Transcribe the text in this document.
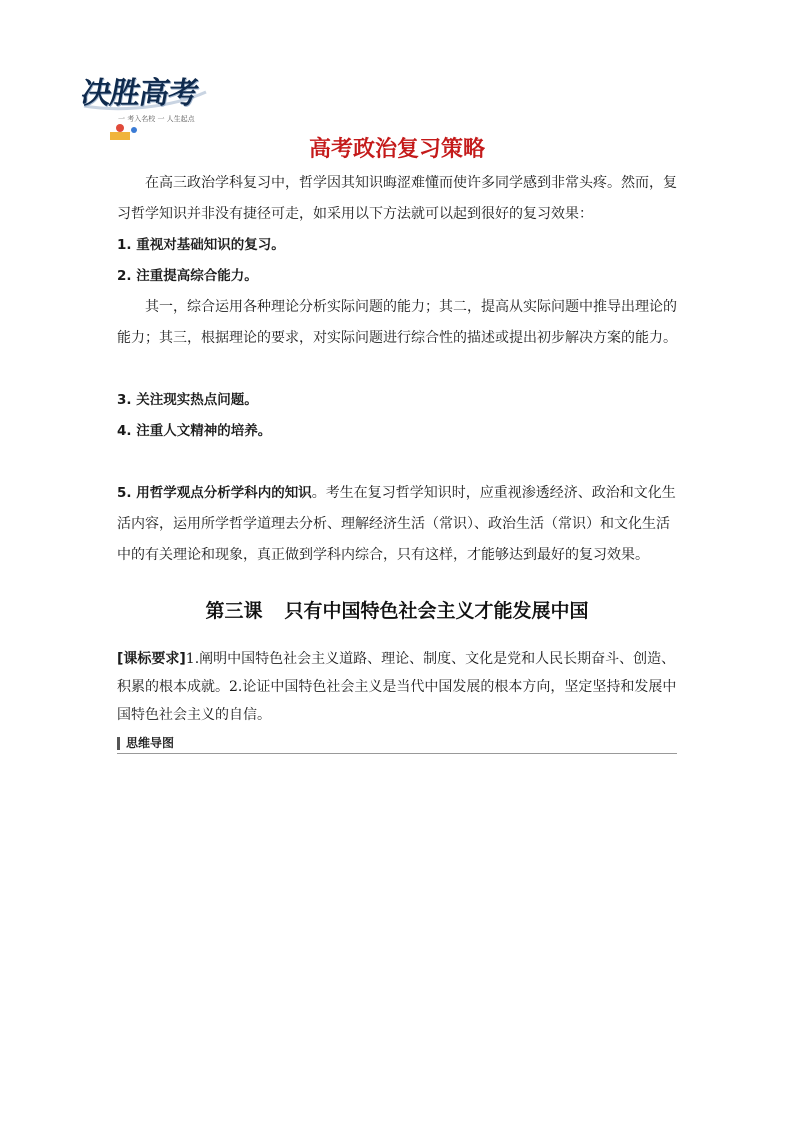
决胜高考
一 考入名校 一 人生起点
高考政治复习策略

在高三政治学科复习中，哲学因其知识晦涩难懂而使许多同学感到非常头疼。然而，复习哲学知识并非没有捷径可走，如采用以下方法就可以起到很好的复习效果：

1. 重视对基础知识的复习。

2. 注重提高综合能力。

其一，综合运用各种理论分析实际问题的能力；其二，提高从实际问题中推导出理论的能力；其三，根据理论的要求，对实际问题进行综合性的描述或提出初步解决方案的能力。

3. 关注现实热点问题。

4. 注重人文精神的培养。

5. 用哲学观点分析学科内的知识。考生在复习哲学知识时，应重视渗透经济、政治和文化生活内容，运用所学哲学道理去分析、理解经济生活（常识）、政治生活（常识）和文化生活中的有关理论和现象，真正做到学科内综合，只有这样，才能够达到最好的复习效果。

第三课 只有中国特色社会主义才能发展中国

[课标要求]1.阐明中国特色社会主义道路、理论、制度、文化是党和人民长期奋斗、创造、积累的根本成就。2.论证中国特色社会主义是当代中国发展的根本方向，坚定坚持和发展中国特色社会主义的自信。

思维导图
